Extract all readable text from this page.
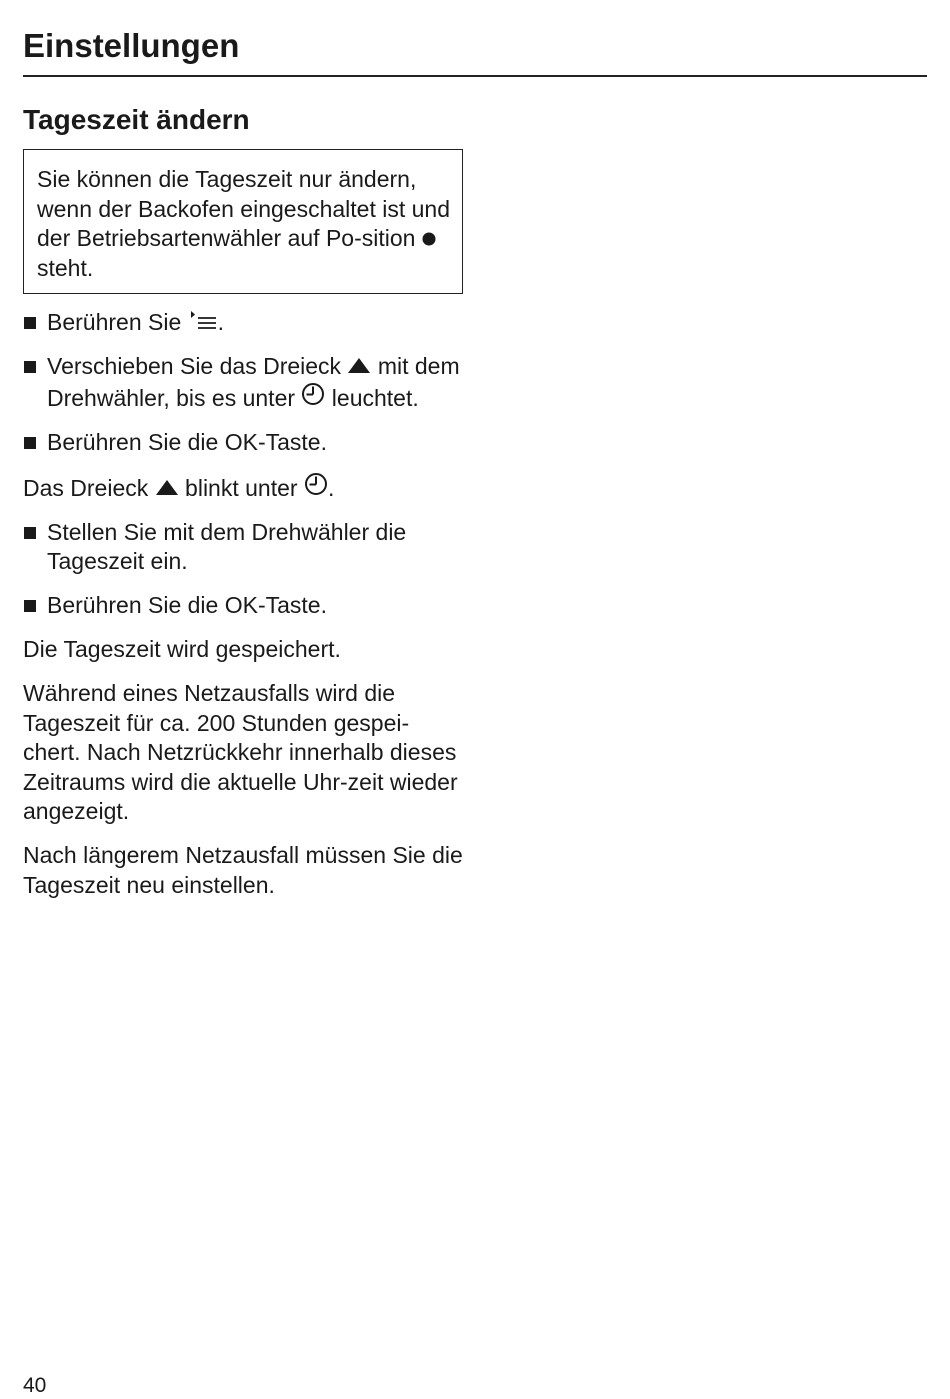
Einstellungen
Tageszeit ändern

Sie können die Tageszeit nur ändern, wenn der Backofen eingeschaltet ist und der Betriebsartenwähler auf Po-sition
steht.

Berühren Sie .
Verschieben Sie das Dreieck mit dem Drehwähler, bis es unter leuchtet.
Berühren Sie die OK-Taste.

Das Dreieck blinkt unter .

Stellen Sie mit dem Drehwähler die Tageszeit ein.
Berühren Sie die OK-Taste.

Die Tageszeit wird gespeichert.

Während eines Netzausfalls wird die Tageszeit für ca. 200 Stunden gespei-chert. Nach Netzrückkehr innerhalb dieses Zeitraums wird die aktuelle Uhr-zeit wieder angezeigt.

Nach längerem Netzausfall müssen Sie die Tageszeit neu einstellen.

40
